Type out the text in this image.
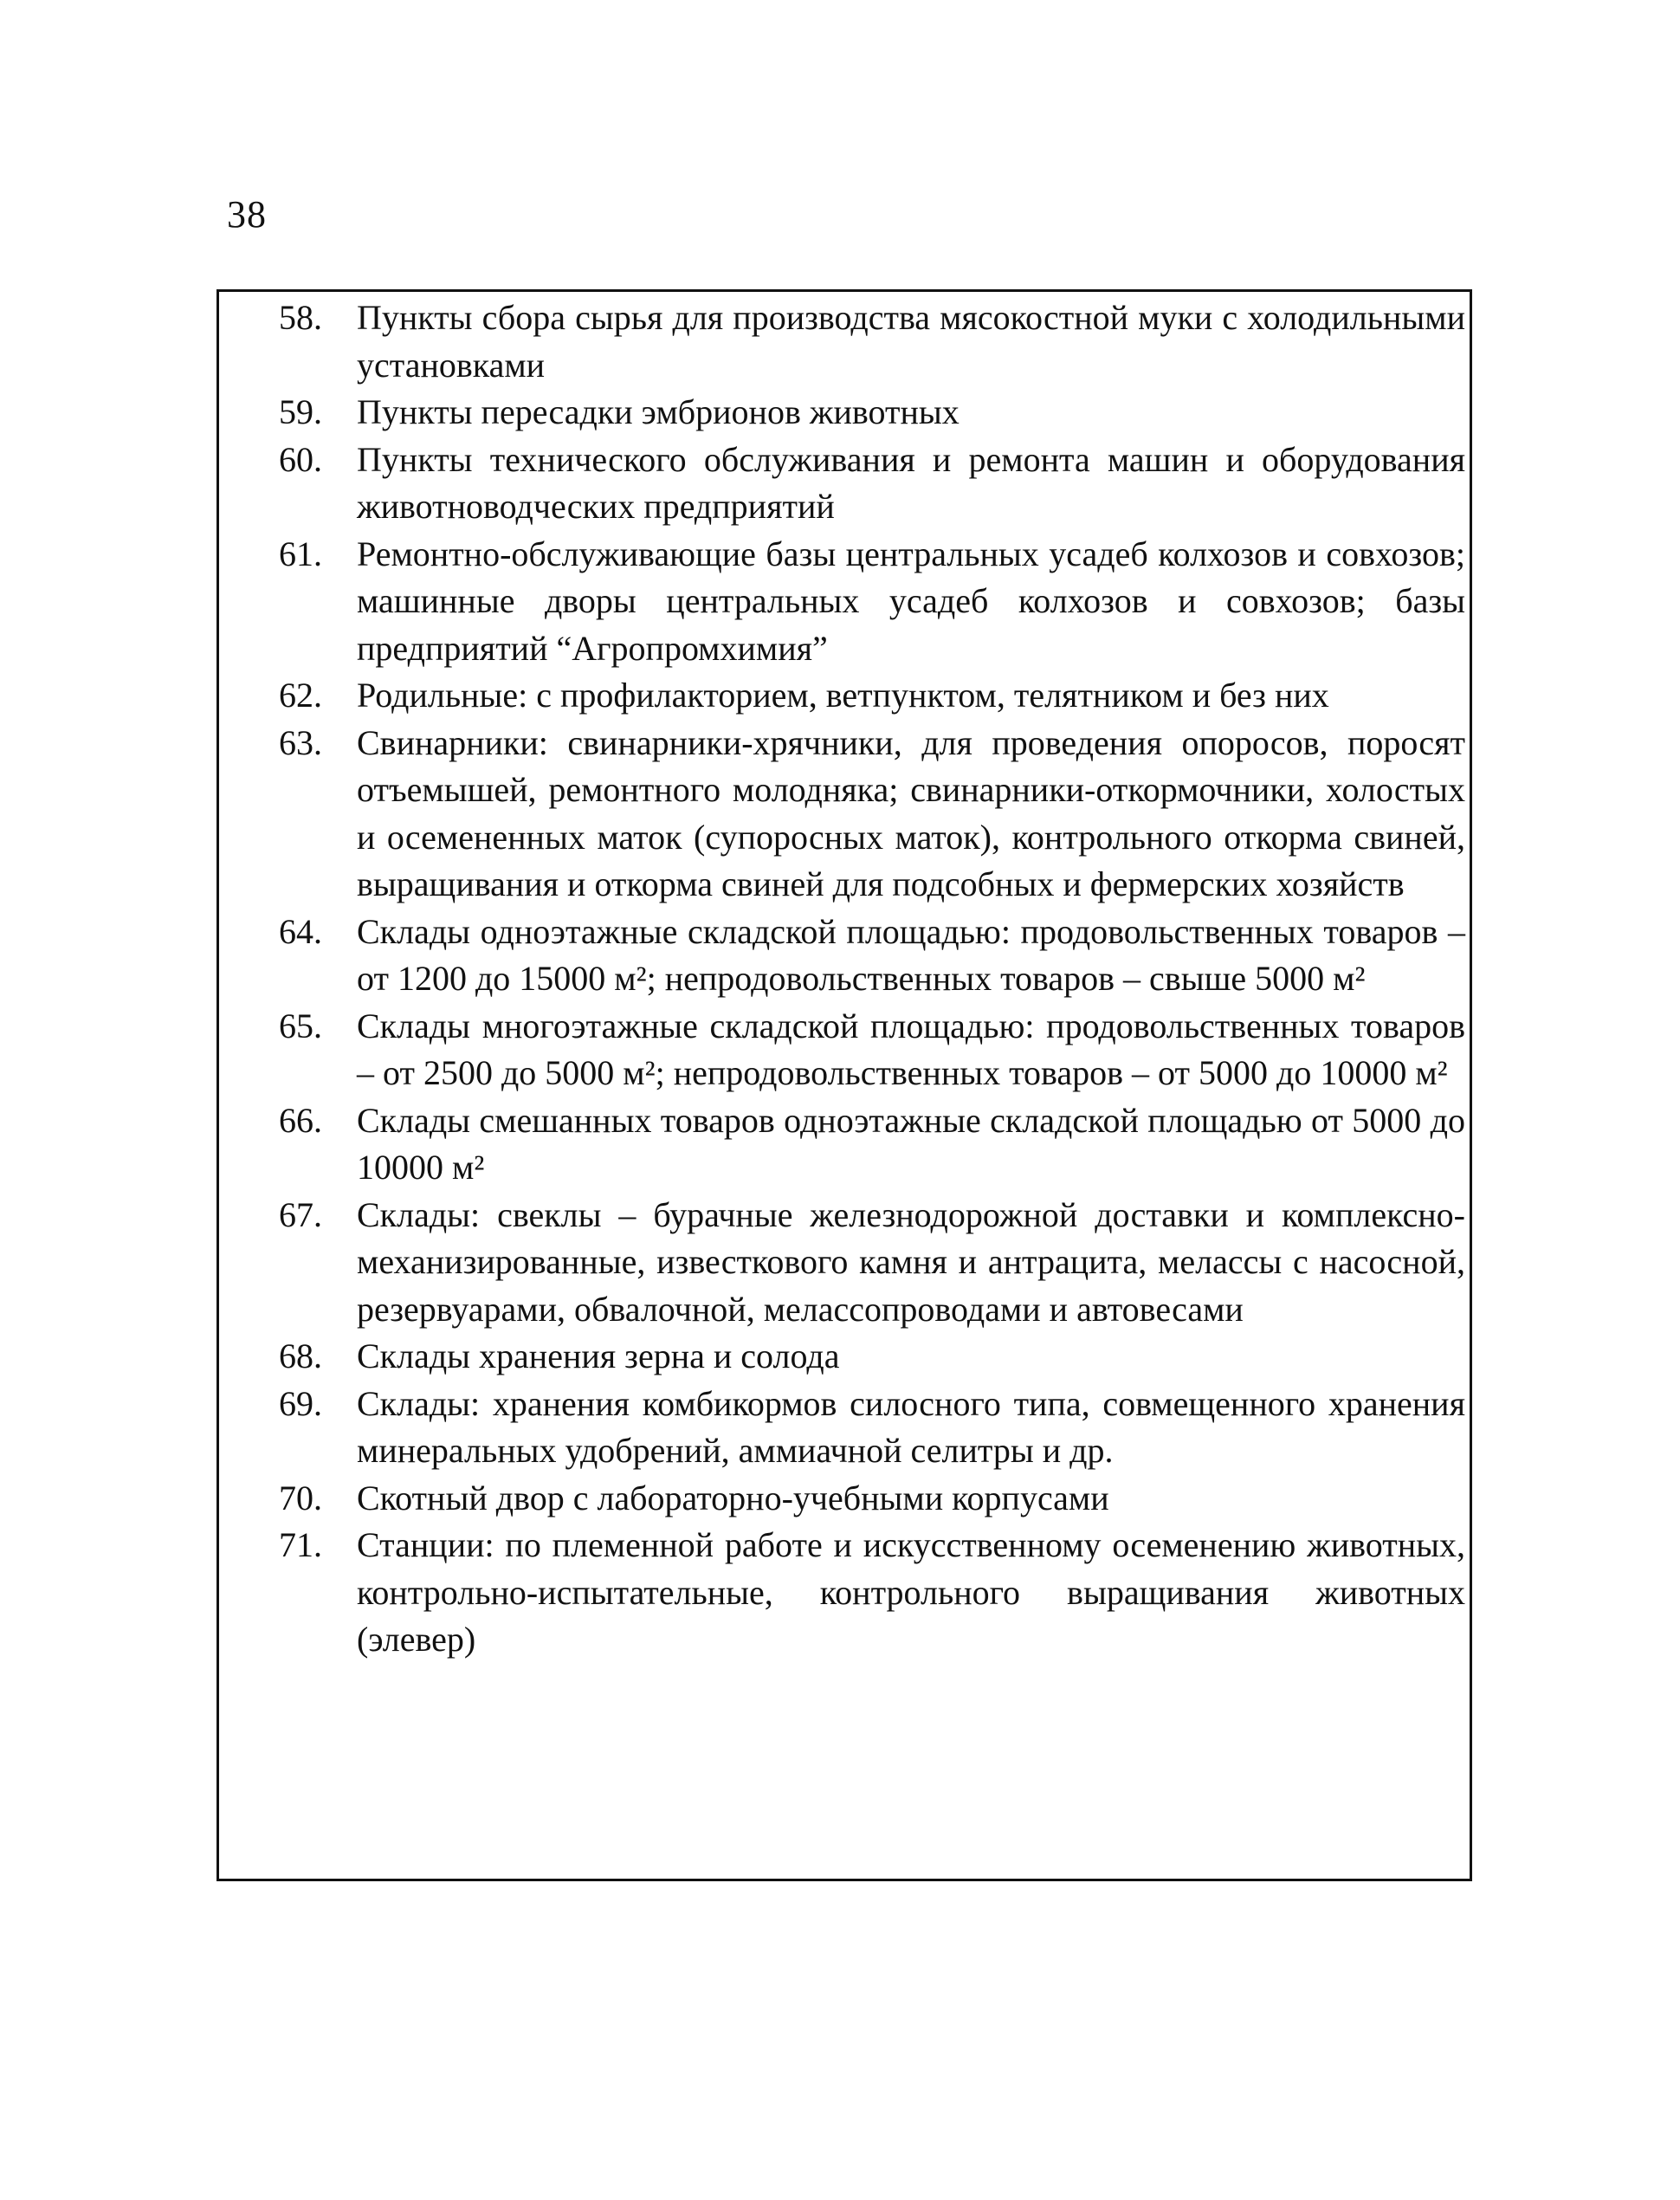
38
58.	Пункты сбора сырья для производства мясокостной муки с холодильными установками
59.	Пункты пересадки эмбрионов животных
60.	Пункты технического обслуживания и ремонта машин и оборудования животноводческих предприятий
61.	Ремонтно-обслуживающие базы центральных усадеб колхозов и совхозов; машинные дворы центральных усадеб колхозов и совхозов; базы предприятий “Агропромхимия”
62.	Родильные: с профилакторием, ветпунктом, телятником и без них
63.	Свинарники: свинарники-хрячники, для проведения опоросов, поросят отъемышей, ремонтного молодняка; свинарники-откормочники, холостых и осемененных маток (супоросных маток), контрольного откорма свиней, выращивания и откорма свиней для подсобных и фермерских хозяйств
64.	Склады одноэтажные складской площадью: продовольственных товаров – от 1200 до 15000 м²; непродовольственных товаров – свыше 5000 м²
65.	Склады многоэтажные складской площадью: продовольственных товаров – от 2500 до 5000 м²; непродовольственных товаров – от 5000 до 10000 м²
66.	Склады смешанных товаров одноэтажные складской площадью от 5000 до 10000 м²
67.	Склады: свеклы – бурачные железнодорожной доставки и комплексно-механизированные, известкового камня и антрацита, мелассы с насосной, резервуарами, обвалочной, мелассопроводами и автовесами
68.	Склады хранения зерна и солода
69.	Склады: хранения комбикормов силосного типа, совмещенного хранения минеральных удобрений, аммиачной селитры и др.
70.	Скотный двор с лабораторно-учебными корпусами
71.	Станции: по племенной работе и искусственному осеменению животных, контрольно-испытательные, контрольного выращивания животных (элевер)
